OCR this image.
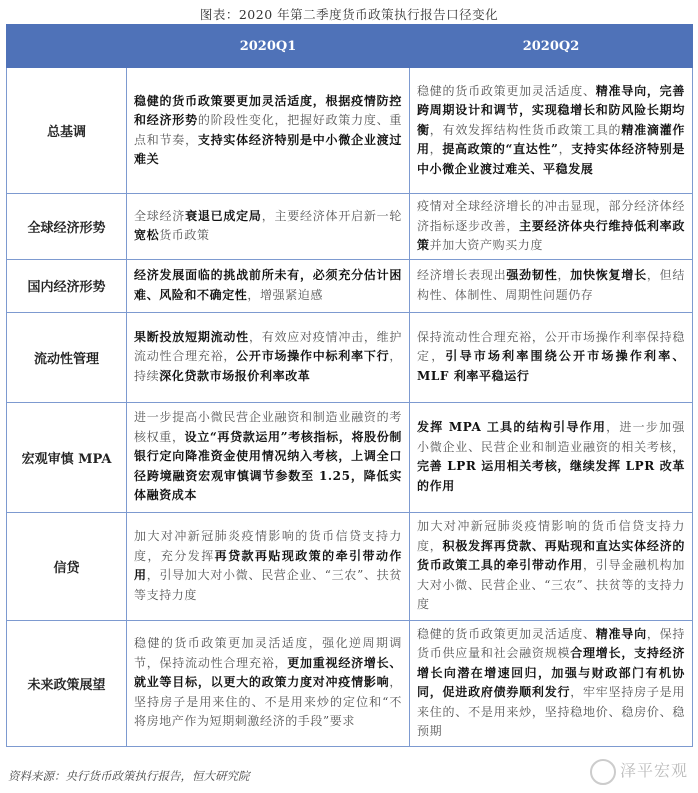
图表：2020 年第二季度货币政策执行报告口径变化
	2020Q1	2020Q2
总基调	稳健的货币政策要更加灵活适度，根据疫情防控和经济形势的阶段性变化，把握好政策力度、重点和节奏，支持实体经济特别是中小微企业渡过难关	稳健的货币政策更加灵活适度、精准导向，完善跨周期设计和调节，实现稳增长和防风险长期均衡，有效发挥结构性货币政策工具的精准滴灌作用，提高政策的“直达性”，支持实体经济特别是中小微企业渡过难关、平稳发展
全球经济形势	全球经济衰退已成定局，主要经济体开启新一轮宽松货币政策	疫情对全球经济增长的冲击显现，部分经济体经济指标逐步改善，主要经济体央行维持低利率政策并加大资产购买力度
国内经济形势	经济发展面临的挑战前所未有，必须充分估计困难、风险和不确定性，增强紧迫感	经济增长表现出强劲韧性，加快恢复增长，但结构性、体制性、周期性问题仍存
流动性管理	果断投放短期流动性，有效应对疫情冲击，维护流动性合理充裕，公开市场操作中标利率下行，持续深化贷款市场报价利率改革	保持流动性合理充裕，公开市场操作利率保持稳定，引导市场利率围绕公开市场操作利率、MLF 利率平稳运行
宏观审慎 MPA	进一步提高小微民营企业融资和制造业融资的考核权重，设立“再贷款运用”考核指标，将股份制银行定向降准资金使用情况纳入考核，上调全口径跨境融资宏观审慎调节参数至 1.25，降低实体融资成本	发挥 MPA 工具的结构引导作用，进一步加强小微企业、民营企业和制造业融资的相关考核，完善 LPR 运用相关考核，继续发挥 LPR 改革的作用
信贷	加大对冲新冠肺炎疫情影响的货币信贷支持力度，充分发挥再贷款再贴现政策的牵引带动作用，引导加大对小微、民营企业、“三农”、扶贫等支持力度	加大对冲新冠肺炎疫情影响的货币信贷支持力度，积极发挥再贷款、再贴现和直达实体经济的货币政策工具的牵引带动作用，引导金融机构加大对小微、民营企业、“三农”、扶贫等的支持力度
未来政策展望	稳健的货币政策更加灵活适度，强化逆周期调节，保持流动性合理充裕，更加重视经济增长、就业等目标，以更大的政策力度对冲疫情影响，坚持房子是用来住的、不是用来炒的定位和“不将房地产作为短期刺激经济的手段”要求	稳健的货币政策更加灵活适度、精准导向，保持货币供应量和社会融资规模合理增长，支持经济增长向潜在增速回归，加强与财政部门有机协同，促进政府债券顺利发行，牢牢坚持房子是用来住的、不是用来炒，坚持稳地价、稳房价、稳预期
资料来源：央行货币政策执行报告，恒大研究院	泽平宏观
